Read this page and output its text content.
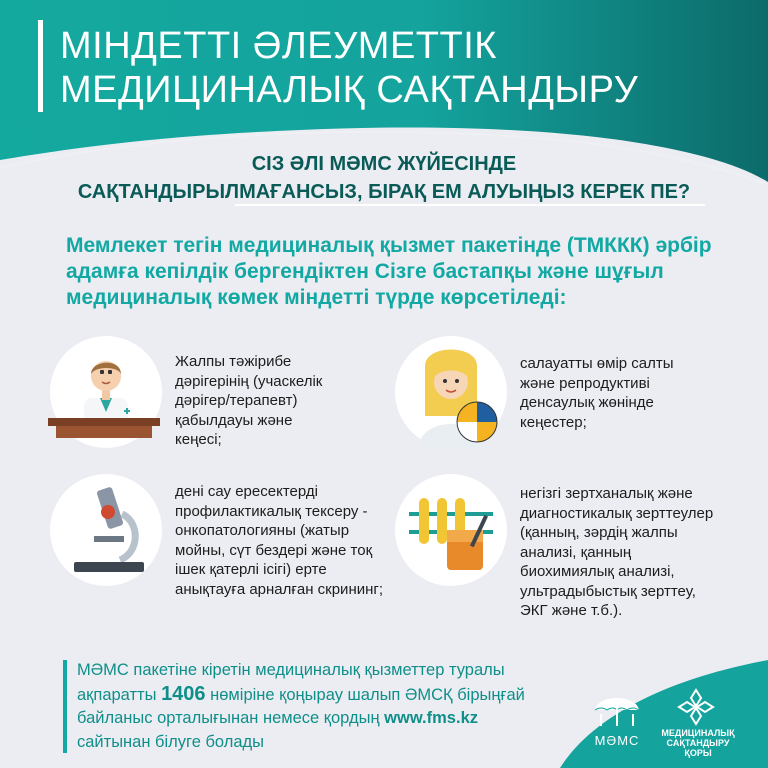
МІНДЕТТІ ӘЛЕУМЕТТІК
МЕДИЦИНАЛЫҚ САҚТАНДЫРУ
СІЗ ӘЛІ МӘМС ЖҮЙЕСІНДЕ
САҚТАНДЫРЫЛМАҒАНСЫЗ, БІРАҚ ЕМ АЛУЫҢЫЗ КЕРЕК ПЕ?
Мемлекет тегін медициналық қызмет пакетінде (ТМККК) әрбір адамға кепілдік бергендіктен Сізге бастапқы және шұғыл медициналық көмек міндетті түрде көрсетіледі:
Жалпы тәжірибе дәрігерінің (учаскелік дәрігер/терапевт) қабылдауы және кеңесі;
салауатты өмір салты және репродуктиві денсаулық жөнінде кеңестер;
дені сау ересектерді профилактикалық тексеру - онкопатологияны (жатыр мойны, сүт бездері және тоқ ішек қатерлі ісігі) ерте анықтауға арналған скрининг;
негізгі зертханалық және диагностикалық зерттеулер (қанның, зәрдің жалпы анализі, қанның биохимиялық анализі, ультрадыбыстық зерттеу, ЭКГ және т.б.).
МӘМС пакетіне кіретін медициналық қызметтер туралы ақпаратты 1406 нөміріне қоңырау шалып ӘМСҚ бірыңғай байланыс орталығынан немесе қордың www.fms.kz сайтынан білуге болады	МӘМС	МЕДИЦИНАЛЫҚ
САҚТАНДЫРУ
ҚОРЫ
